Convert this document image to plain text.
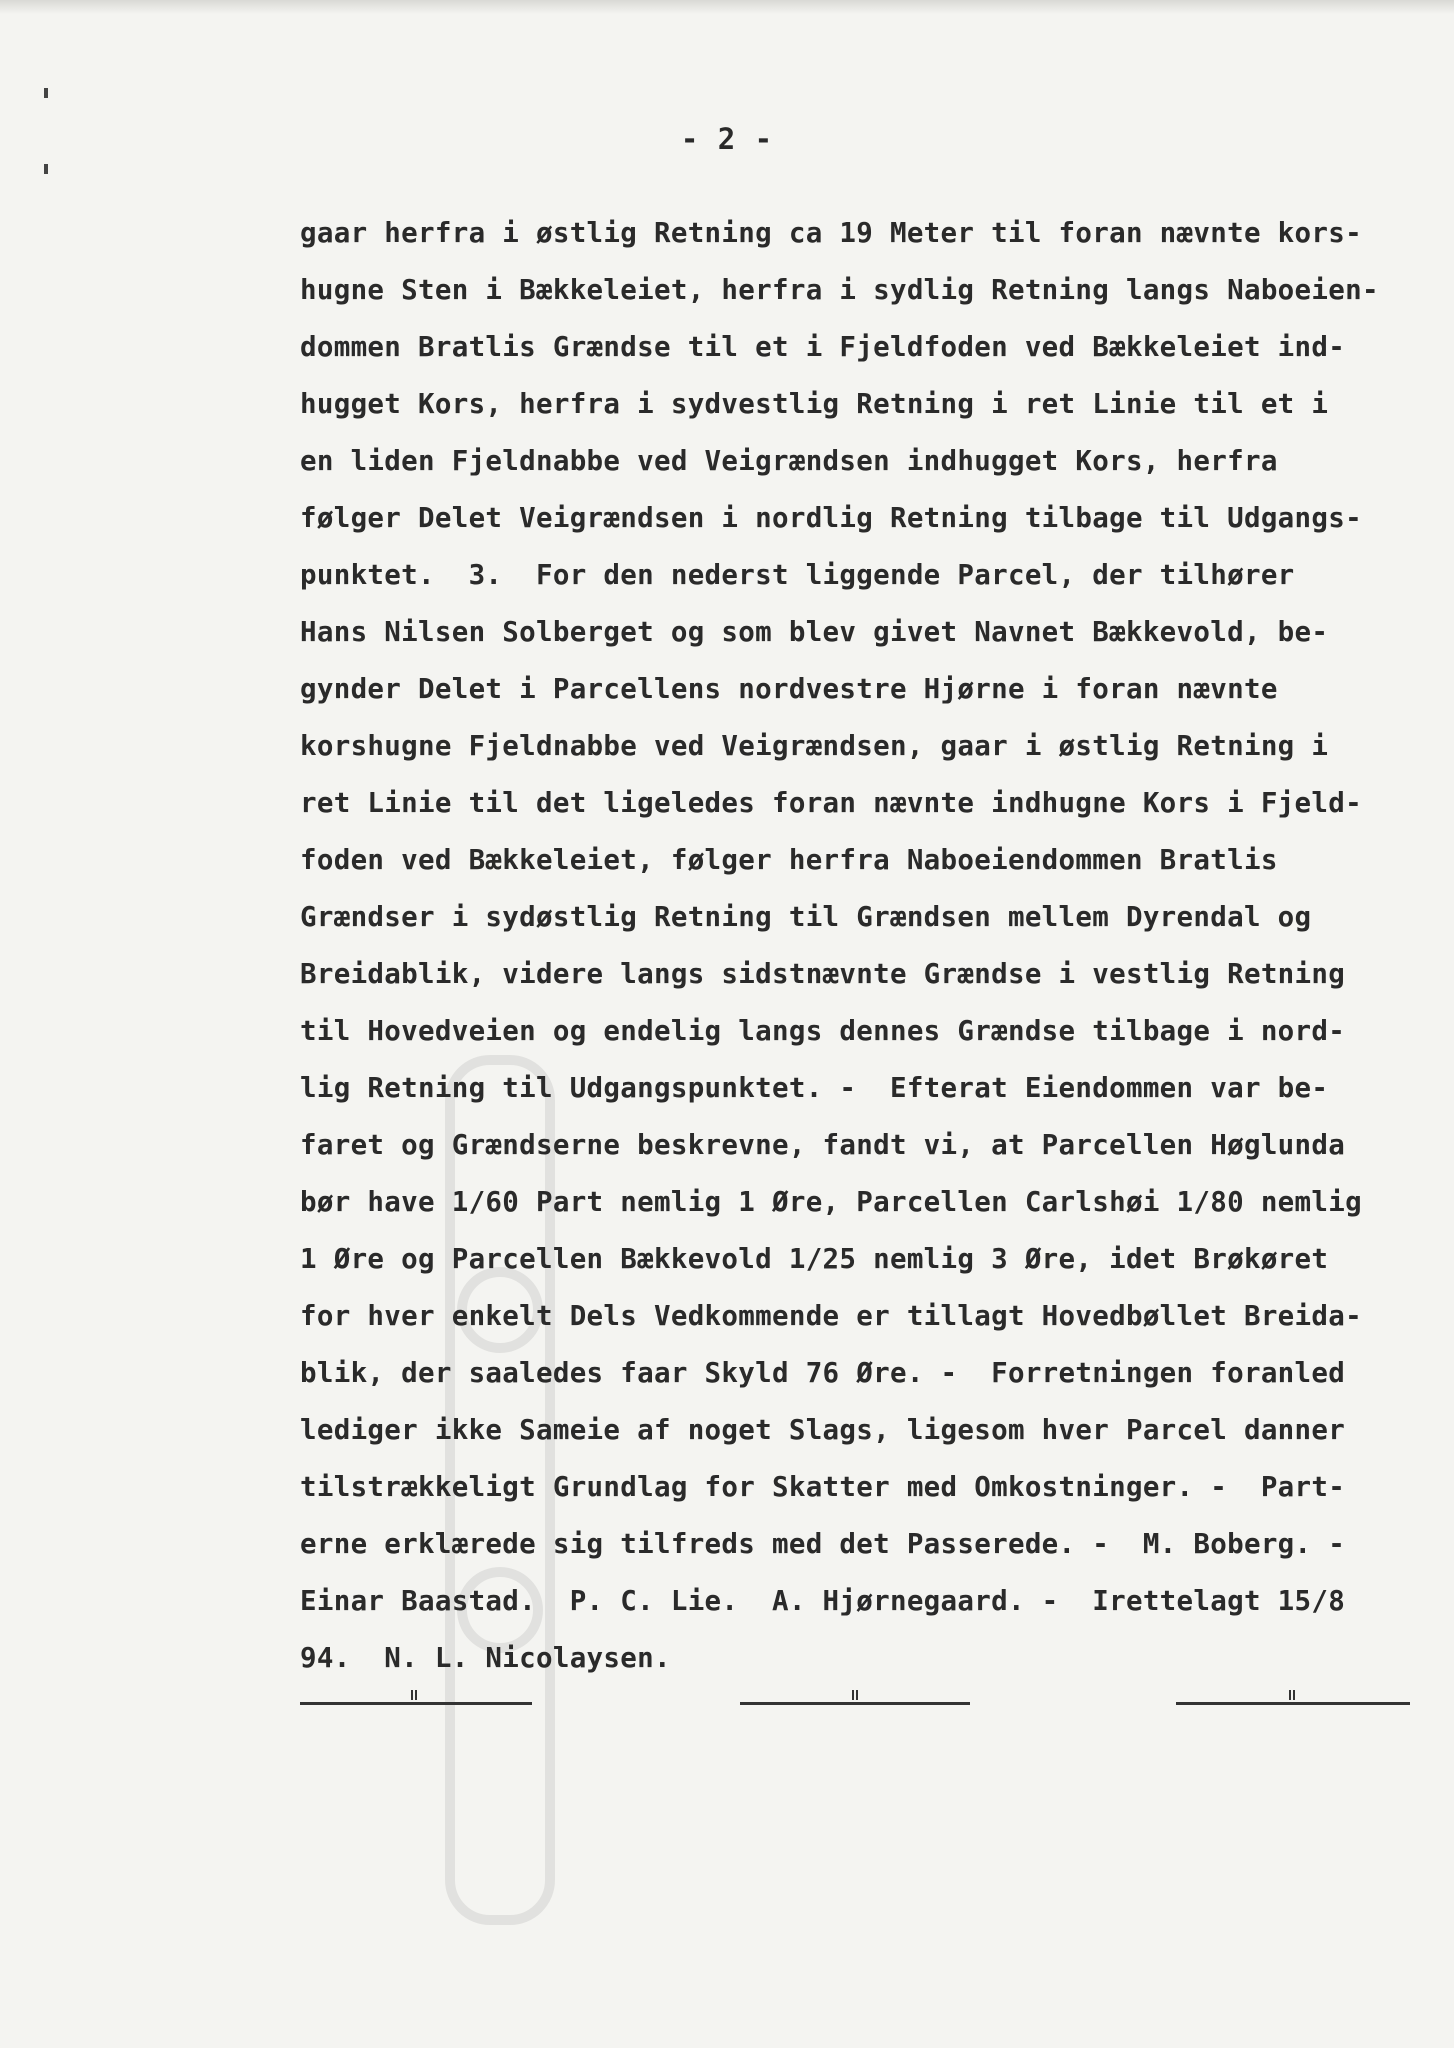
- 2 -
gaar herfra i østlig Retning ca 19 Meter til foran nævnte kors-
hugne Sten i Bækkeleiet, herfra i sydlig Retning langs Naboeien-
dommen Bratlis Grændse til et i Fjeldfoden ved Bækkeleiet ind-
hugget Kors, herfra i sydvestlig Retning i ret Linie til et i
en liden Fjeldnabbe ved Veigrændsen indhugget Kors, herfra
følger Delet Veigrændsen i nordlig Retning tilbage til Udgangs-
punktet.  3.  For den nederst liggende Parcel, der tilhører
Hans Nilsen Solberget og som blev givet Navnet Bækkevold, be-
gynder Delet i Parcellens nordvestre Hjørne i foran nævnte
korshugne Fjeldnabbe ved Veigrændsen, gaar i østlig Retning i
ret Linie til det ligeledes foran nævnte indhugne Kors i Fjeld-
foden ved Bækkeleiet, følger herfra Naboeiendommen Bratlis
Grændser i sydøstlig Retning til Grændsen mellem Dyrendal og
Breidablik, videre langs sidstnævnte Grændse i vestlig Retning
til Hovedveien og endelig langs dennes Grændse tilbage i nord-
lig Retning til Udgangspunktet. -  Efterat Eiendommen var be-
faret og Grændserne beskrevne, fandt vi, at Parcellen Høglunda
bør have 1/60 Part nemlig 1 Øre, Parcellen Carlshøi 1/80 nemlig
1 Øre og Parcellen Bækkevold 1/25 nemlig 3 Øre, idet Brøkøret
for hver enkelt Dels Vedkommende er tillagt Hovedbøllet Breida-
blik, der saaledes faar Skyld 76 Øre. -  Forretningen foranled
lediger ikke Sameie af noget Slags, ligesom hver Parcel danner
tilstrækkeligt Grundlag for Skatter med Omkostninger. -  Part-
erne erklærede sig tilfreds med det Passerede. -  M. Boberg. -
Einar Baastad.  P. C. Lie.  A. Hjørnegaard. -  Irettelagt 15/8
94.  N. L. Nicolaysen.
